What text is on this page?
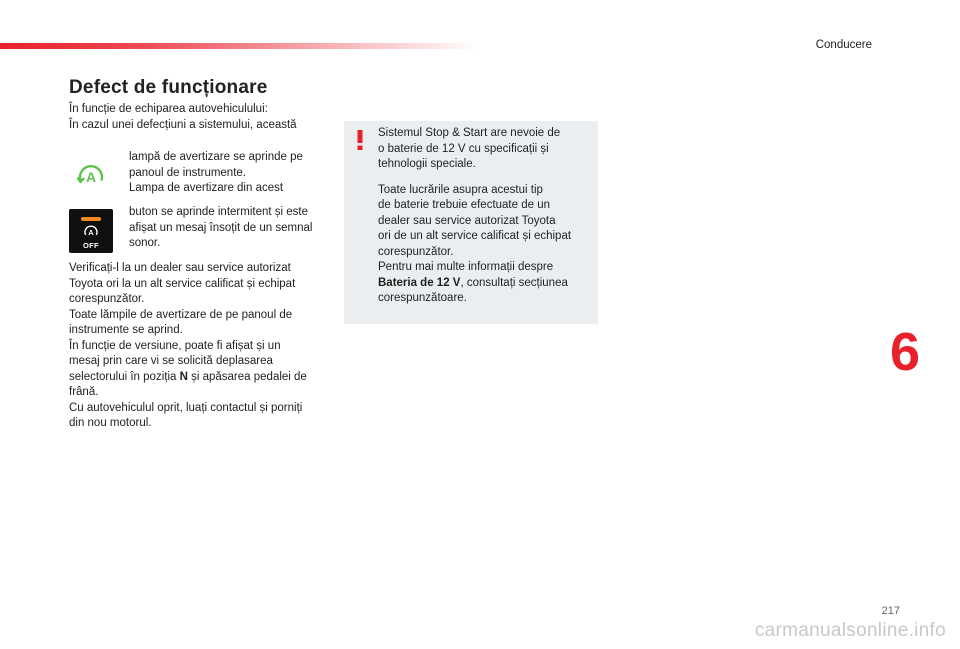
Conducere
Defect de funcționare

În funcție de echiparea autovehiculului:

În cazul unei defecțiuni a sistemului, această

A

lampă de avertizare se aprinde pe

panoul de instrumente.

Lampa de avertizare din acest

A
OFF

buton se aprinde intermitent și este

afișat un mesaj însoțit de un semnal

sonor.

Verificați-l la un dealer sau service autorizat

Toyota ori la un alt service calificat și echipat

corespunzător.

Toate lămpile de avertizare de pe panoul de

instrumente se aprind.

În funcție de versiune, poate fi afișat și un

mesaj prin care vi se solicită deplasarea

selectorului în poziția N și apăsarea pedalei de

frână.

Cu autovehiculul oprit, luați contactul și porniți

din nou motorul.

Sistemul Stop & Start are nevoie de

o baterie de 12 V cu specificații și

tehnologii speciale.

Toate lucrările asupra acestui tip

de baterie trebuie efectuate de un

dealer sau service autorizat Toyota

ori de un alt service calificat și echipat

corespunzător.

Pentru mai multe informații despre

Bateria de 12 V, consultați secțiunea

corespunzătoare.

6
217
carmanualsonline.info
